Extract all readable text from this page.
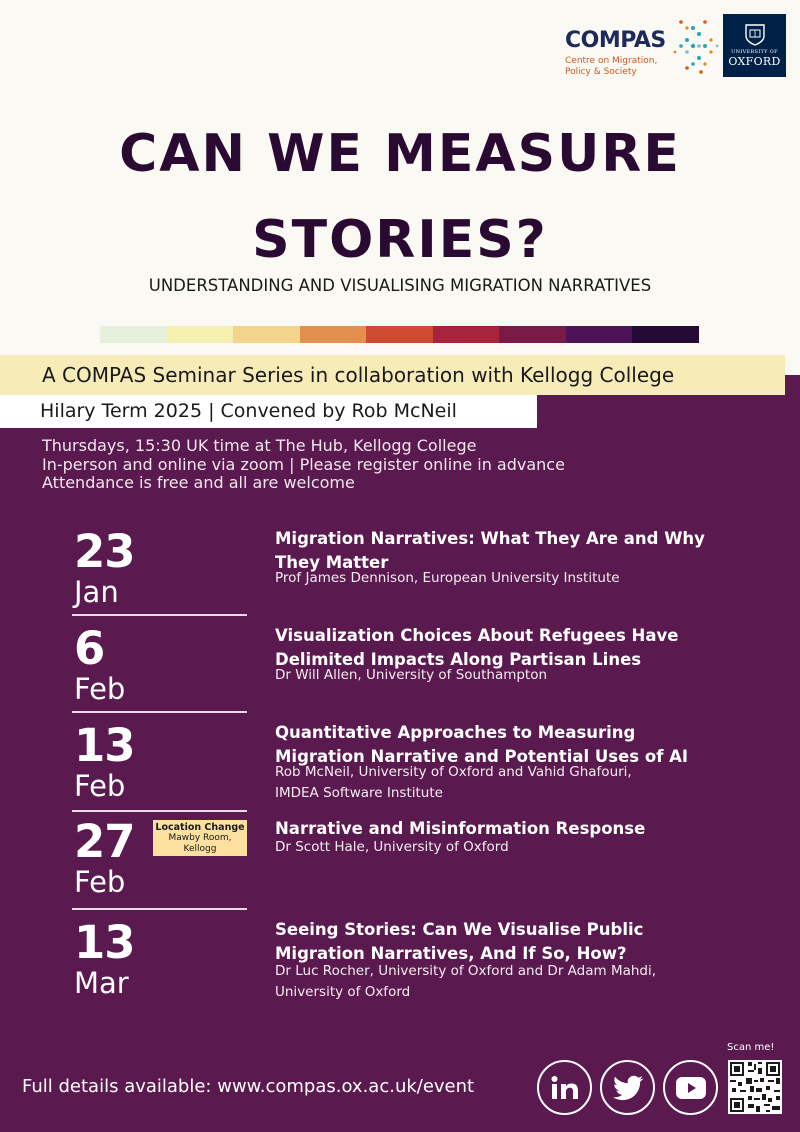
COMPAS
Centre on Migration,
Policy & Society
UNIVERSITY OF
OXFORD
CAN WE MEASURE
STORIES?
UNDERSTANDING AND VISUALISING MIGRATION NARRATIVES
A COMPAS Seminar Series in collaboration with Kellogg College
Hilary Term 2025 | Convened by Rob McNeil
Thursdays, 15:30 UK time at The Hub, Kellogg College
In-person and online via zoom | Please register online in advance
Attendance is free and all are welcome
23
Jan
Migration Narratives: What They Are and Why They Matter
Prof James Dennison, European University Institute
6
Feb
Visualization Choices About Refugees Have Delimited Impacts Along Partisan Lines
Dr Will Allen, University of Southampton
13
Feb
Quantitative Approaches to Measuring Migration Narrative and Potential Uses of AI
Rob McNeil, University of Oxford and Vahid Ghafouri, IMDEA Software Institute
27
Feb
Narrative and Misinformation Response
Dr Scott Hale, University of Oxford
Location Change
Mawby Room,
Kellogg
13
Mar
Seeing Stories: Can We Visualise Public Migration Narratives, And If So, How?
Dr Luc Rocher, University of Oxford and Dr Adam Mahdi, University of Oxford
Full details available: www.compas.ox.ac.uk/event
Scan me!
